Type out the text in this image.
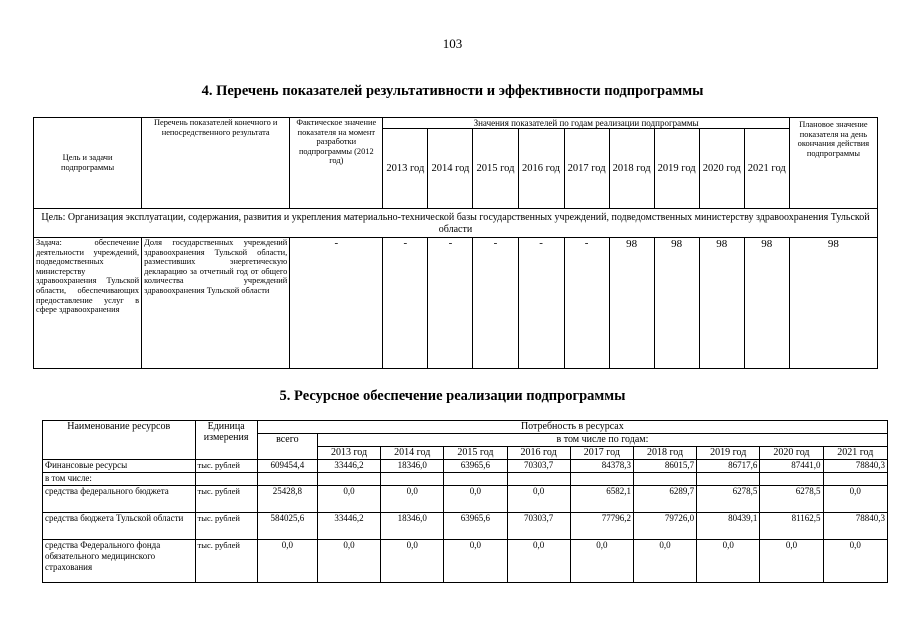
103
4. Перечень показателей результативности и эффективности подпрограммы
Цель и задачи подпрограммы	Перечень показателей конечного и непосредственного результата	Фактическое значение показателя на момент разработки подпрограммы (2012 год)	Значения показателей по годам реализации подпрограммы									Плановое значение показателя на день окончания действия подпрограммы
			2013 год	2014 год	2015 год	2016 год	2017 год	2018 год	2019 год	2020 год	2021 год	
Цель: Организация эксплуатации, содержания, развития и укрепления материально-технической базы государственных учреждений, подведомственных министерству здравоохранения Тульской области												
Задача: обеспечение деятельности учреждений, подведомственных министерству здравоохранения Тульской области, обеспечивающих предоставление услуг в сфере здравоохранения	Доля государственных учреждений здравоохранения Тульской области, разместивших энергетическую декларацию за отчетный год от общего количества учреждений здравоохранения Тульской области	-	-	-	-	-	-	98	98	98	98	98
5. Ресурсное обеспечение реализации подпрограммы
Наименование ресурсов	Единица измерения	Потребность в ресурсах									
		всего	в том числе по годам:								
			2013 год	2014 год	2015 год	2016 год	2017 год	2018 год	2019 год	2020 год	2021 год
Финансовые ресурсы	тыс. рублей	609454,4	33446,2	18346,0	63965,6	70303,7	84378,3	86015,7	86717,6	87441,0	78840,3
в том числе:											
средства федерального бюджета	тыс. рублей	25428,8	0,0	0,0	0,0	0,0	6582,1	6289,7	6278,5	6278,5	0,0
средства бюджета Тульской области	тыс. рублей	584025,6	33446,2	18346,0	63965,6	70303,7	77796,2	79726,0	80439,1	81162,5	78840,3
средства Федерального фонда обязательного медицинского страхования	тыс. рублей	0,0	0,0	0,0	0,0	0,0	0,0	0,0	0,0	0,0	0,0
